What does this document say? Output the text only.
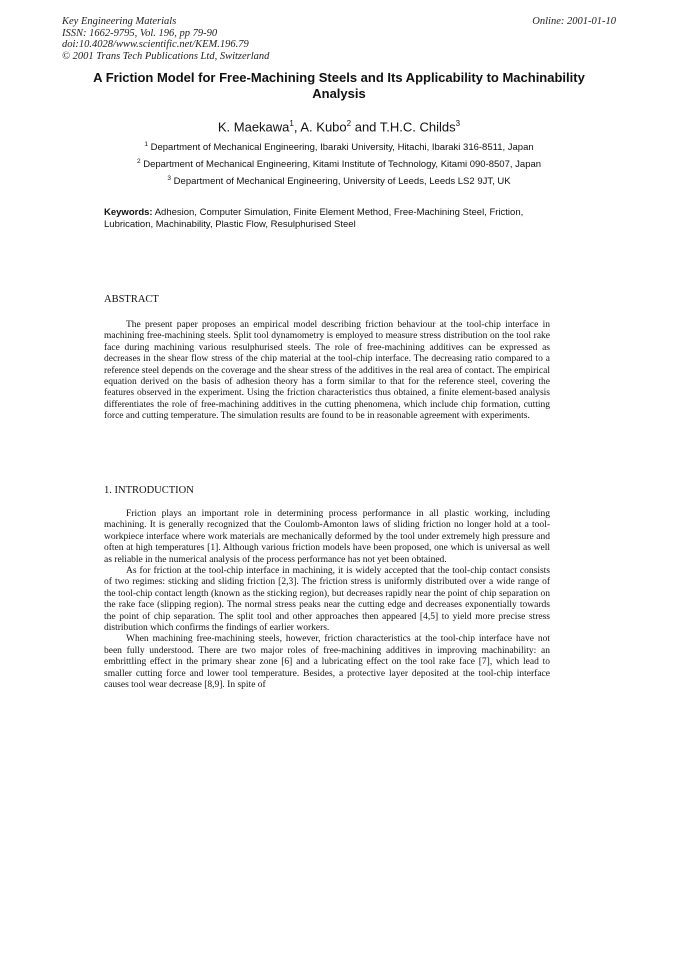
Key Engineering Materials
ISSN: 1662-9795, Vol. 196, pp 79-90
doi:10.4028/www.scientific.net/KEM.196.79
© 2001 Trans Tech Publications Ltd, Switzerland
Online: 2001-01-10
A Friction Model for Free-Machining Steels and Its Applicability to Machinability Analysis
K. Maekawa$^1$, A. Kubo$^2$ and T.H.C. Childs$^3$
$^1$ Department of Mechanical Engineering, Ibaraki University, Hitachi, Ibaraki 316-8511, Japan
$^2$ Department of Mechanical Engineering, Kitami Institute of Technology, Kitami 090-8507, Japan
$^3$ Department of Mechanical Engineering, University of Leeds, Leeds LS2 9JT, UK
Keywords: Adhesion, Computer Simulation, Finite Element Method, Free-Machining Steel, Friction, Lubrication, Machinability, Plastic Flow, Resulphurised Steel
ABSTRACT

The present paper proposes an empirical model describing friction behaviour at the tool-chip interface in machining free-machining steels. Split tool dynamometry is employed to measure stress distribution on the tool rake face during machining various resulphurised steels. The role of free-machining additives can be expressed as decreases in the shear flow stress of the chip material at the tool-chip interface. The decreasing ratio compared to a reference steel depends on the coverage and the shear stress of the additives in the real area of contact. The empirical equation derived on the basis of adhesion theory has a form similar to that for the reference steel, covering the features observed in the experiment. Using the friction characteristics thus obtained, a finite element-based analysis differentiates the role of free-machining additives in the cutting phenomena, which include chip formation, cutting force and cutting temperature. The simulation results are found to be in reasonable agreement with experiments.

1. INTRODUCTION

Friction plays an important role in determining process performance in all plastic working, including machining. It is generally recognized that the Coulomb-Amonton laws of sliding friction no longer hold at a tool-workpiece interface where work materials are mechanically deformed by the tool under extremely high pressure and often at high temperatures [1]. Although various friction models have been proposed, one which is universal as well as reliable in the numerical analysis of the process performance has not yet been obtained.

As for friction at the tool-chip interface in machining, it is widely accepted that the tool-chip contact consists of two regimes: sticking and sliding friction [2,3]. The friction stress is uniformly distributed over a wide range of the tool-chip contact length (known as the sticking region), but decreases rapidly near the point of chip separation on the rake face (slipping region). The normal stress peaks near the cutting edge and decreases exponentially towards the point of chip separation. The split tool and other approaches then appeared [4,5] to yield more precise stress distribution which confirms the findings of earlier workers.

When machining free-machining steels, however, friction characteristics at the tool-chip interface have not been fully understood. There are two major roles of free-machining additives in improving machinability: an embrittling effect in the primary shear zone [6] and a lubricating effect on the tool rake face [7], which lead to smaller cutting force and lower tool temperature. Besides, a protective layer deposited at the tool-chip interface causes tool wear decrease [8,9]. In spite of
